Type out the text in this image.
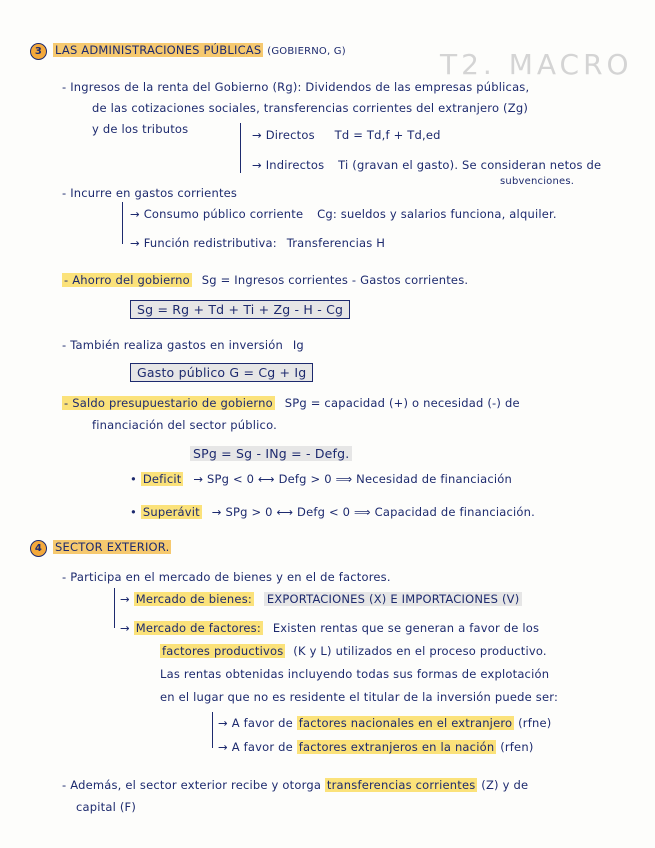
T2. MACRO
3 LAS ADMINISTRACIONES PÚBLICAS (GOBIERNO, G)
- Ingresos de la renta del Gobierno (Rg): Dividendos de las empresas públicas,
de las cotizaciones sociales, transferencias corrientes del extranjero (Zg)
y de los tributos	→ Directos Td = Td,f + Td,ed
→ Indirectos Ti (gravan el gasto). Se consideran netos de
subvenciones.
- Incurre en gastos corrientes
→ Consumo público corriente Cg: sueldos y salarios funciona, alquiler.
→ Función redistributiva: Transferencias H
- Ahorro del gobierno Sg = Ingresos corrientes - Gastos corrientes.
Sg = Rg + Td + Ti + Zg - H - Cg
- También realiza gastos en inversión Ig
Gasto público G = Cg + Ig
- Saldo presupuestario de gobierno SPg = capacidad (+) o necesidad (-) de
financiación del sector público.
SPg = Sg - INg = - Defg.
• Deficit → SPg < 0 ⟷ Defg > 0 ⟹ Necesidad de financiación
• Superávit → SPg > 0 ⟷ Defg < 0 ⟹ Capacidad de financiación.
4 SECTOR EXTERIOR.
- Participa en el mercado de bienes y en el de factores.
→ Mercado de bienes: EXPORTACIONES (X) E IMPORTACIONES (V)
→ Mercado de factores: Existen rentas que se generan a favor de los
factores productivos (K y L) utilizados en el proceso productivo.
Las rentas obtenidas incluyendo todas sus formas de explotación
en el lugar que no es residente el titular de la inversión puede ser:
→ A favor de factores nacionales en el extranjero (rfne)
→ A favor de factores extranjeros en la nación (rfen)
- Además, el sector exterior recibe y otorga transferencias corrientes (Z) y de
capital (F)
